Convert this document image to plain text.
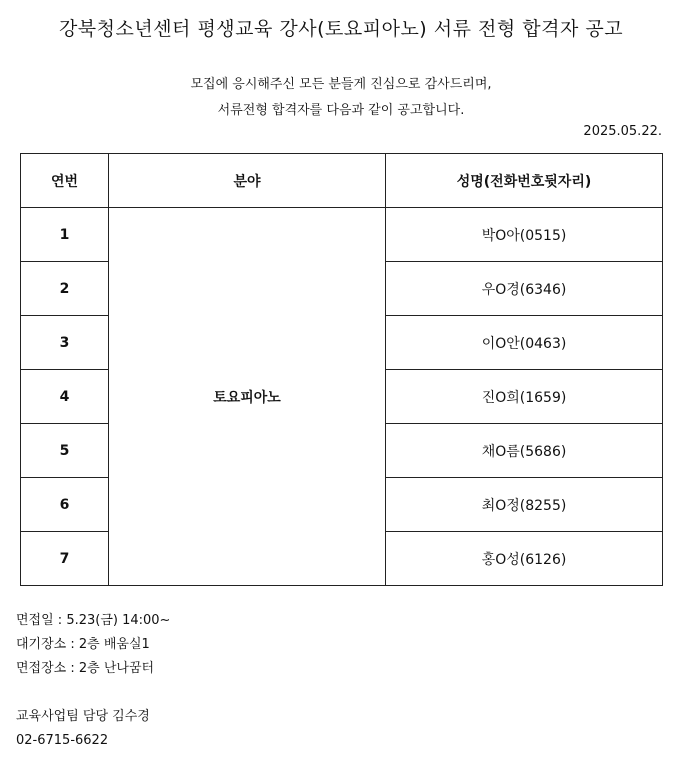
강북청소년센터 평생교육 강사(토요피아노) 서류 전형 합격자 공고
모집에 응시해주신 모든 분들게 진심으로 감사드리며,
서류전형 합격자를 다음과 같이 공고합니다.
2025.05.22.
연번	분야	성명(전화번호뒷자리)
1	토요피아노	박O아(0515)
2		우O경(6346)
3		이O안(0463)
4		진O희(1659)
5		채O름(5686)
6		최O정(8255)
7		홍O성(6126)
면접일 : 5.23(금) 14:00~
대기장소 : 2층 배움실1
면접장소 : 2층 난나꿈터
교육사업팀 담당 김수경
02-6715-6622
